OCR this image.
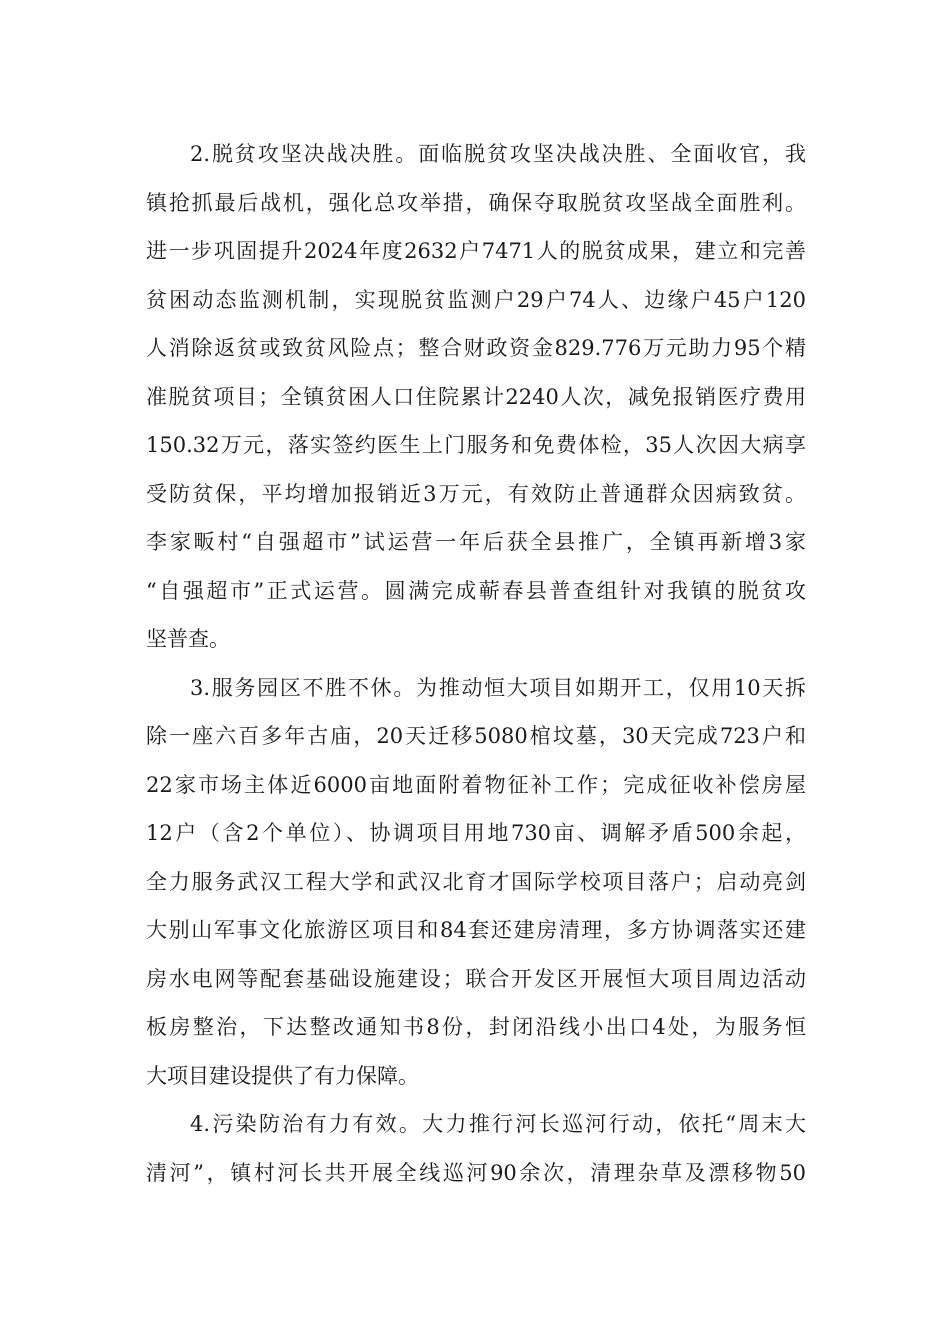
2.脱贫攻坚决战决胜。面临脱贫攻坚决战决胜、全面收官，我
镇抢抓最后战机，强化总攻举措，确保夺取脱贫攻坚战全面胜利。
进一步巩固提升2024年度2632户7471人的脱贫成果，建立和完善
贫困动态监测机制，实现脱贫监测户29户74人、边缘户45户120
人消除返贫或致贫风险点；整合财政资金829.776万元助力95个精
准脱贫项目；全镇贫困人口住院累计2240人次，减免报销医疗费用
150.32万元，落实签约医生上门服务和免费体检，35人次因大病享
受防贫保，平均增加报销近3万元，有效防止普通群众因病致贫。
李家畈村“自强超市”试运营一年后获全县推广，全镇再新增3家
“自强超市”正式运营。圆满完成蕲春县普查组针对我镇的脱贫攻
坚普查。
3.服务园区不胜不休。为推动恒大项目如期开工，仅用10天拆
除一座六百多年古庙，20天迁移5080棺坟墓，30天完成723户和
22家市场主体近6000亩地面附着物征补工作；完成征收补偿房屋
12户（含2个单位）、协调项目用地730亩、调解矛盾500余起，
全力服务武汉工程大学和武汉北育才国际学校项目落户；启动亮剑
大别山军事文化旅游区项目和84套还建房清理，多方协调落实还建
房水电网等配套基础设施建设；联合开发区开展恒大项目周边活动
板房整治，下达整改通知书8份，封闭沿线小出口4处，为服务恒
大项目建设提供了有力保障。
4.污染防治有力有效。大力推行河长巡河行动，依托“周末大
清河”，镇村河长共开展全线巡河90余次，清理杂草及漂移物50
